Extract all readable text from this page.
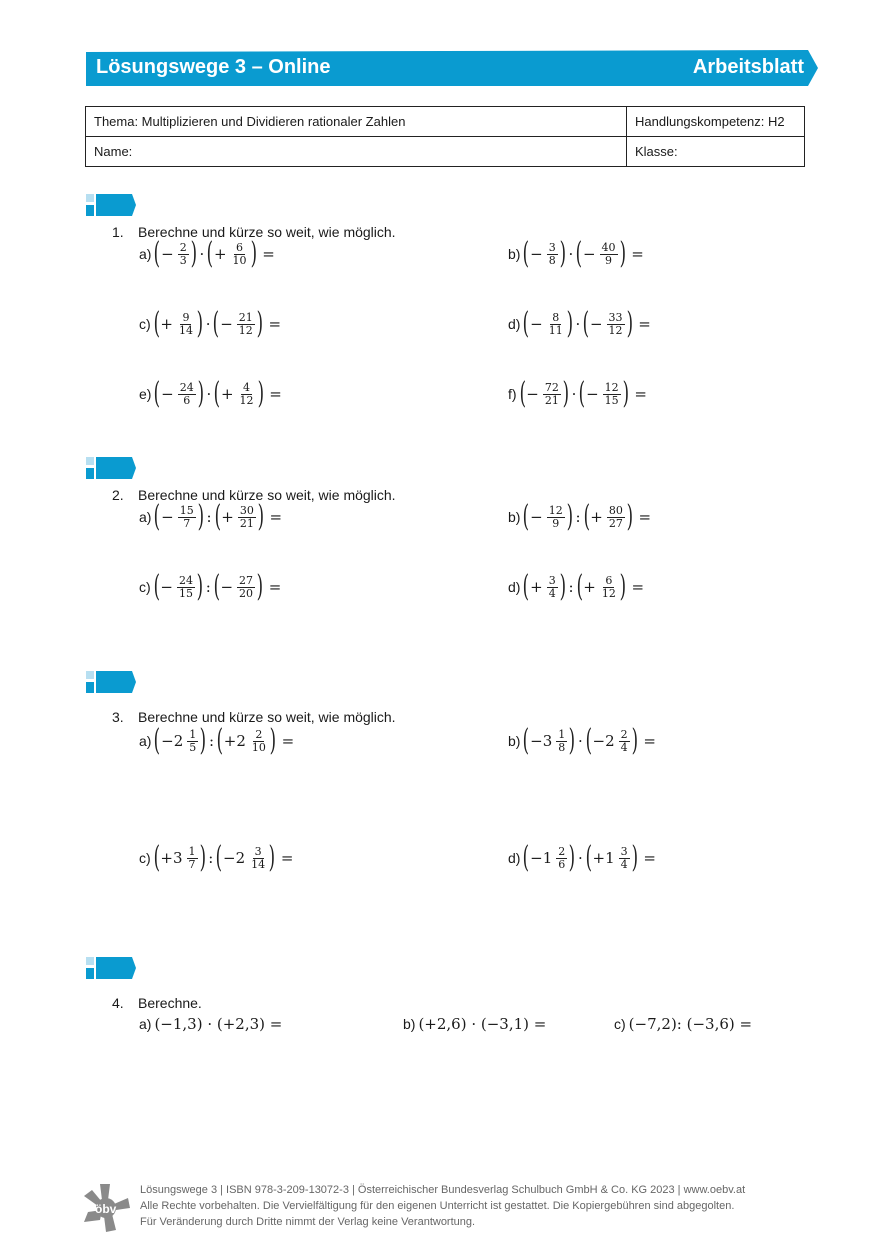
Lösungswege 3 – Online	Arbeitsblatt
Thema: Multiplizieren und Dividieren rationaler Zahlen	Handlungskompetenz: H2
Name:	Klasse:
1. Berechne und kürze so weit, wie möglich.
2. Berechne und kürze so weit, wie möglich.
3. Berechne und kürze so weit, wie möglich.
4. Berechne.
a) ( − $\frac{2}{3}$ ) · ( + $\frac{6}{10}$ ) =	b) ( − $\frac{3}{8}$ ) · ( − $\frac{40}{9}$ ) =
c) ( + $\frac{9}{14}$ ) · ( − $\frac{21}{12}$ ) =	d) ( − $\frac{8}{11}$ ) · ( − $\frac{33}{12}$ ) =
e) ( − $\frac{24}{6}$ ) · ( + $\frac{4}{12}$ ) =	f) ( − $\frac{72}{21}$ ) · ( − $\frac{12}{15}$ ) =
a) ( − $\frac{15}{7}$ ) : ( + $\frac{30}{21}$ ) =	b) ( − $\frac{12}{9}$ ) : ( + $\frac{80}{27}$ ) =
c) ( − $\frac{24}{15}$ ) : ( − $\frac{27}{20}$ ) =	d) ( + $\frac{3}{4}$ ) : ( + $\frac{6}{12}$ ) =
a) ( $-2 \frac{1}{5}$ ) : ( $+2 \frac{2}{10}$ ) =	b) ( $-3 \frac{1}{8}$ ) · ( $-2 \frac{2}{4}$ ) =
c) ( $+3 \frac{1}{7}$ ) : ( $-2 \frac{3}{14}$ ) =	d) ( $-1 \frac{2}{6}$ ) · ( $+1 \frac{3}{4}$ ) =
a) (−1,3) · (+2,3) =	b) (+2,6) · (−3,1) =	c) (−7,2): (−3,6) =
öbv
Lösungswege 3 | ISBN 978-3-209-13072-3 | Österreichischer Bundesverlag Schulbuch GmbH & Co. KG 2023 | www.oebv.at
Alle Rechte vorbehalten. Die Vervielfältigung für den eigenen Unterricht ist gestattet. Die Kopiergebühren sind abgegolten.
Für Veränderung durch Dritte nimmt der Verlag keine Verantwortung.
